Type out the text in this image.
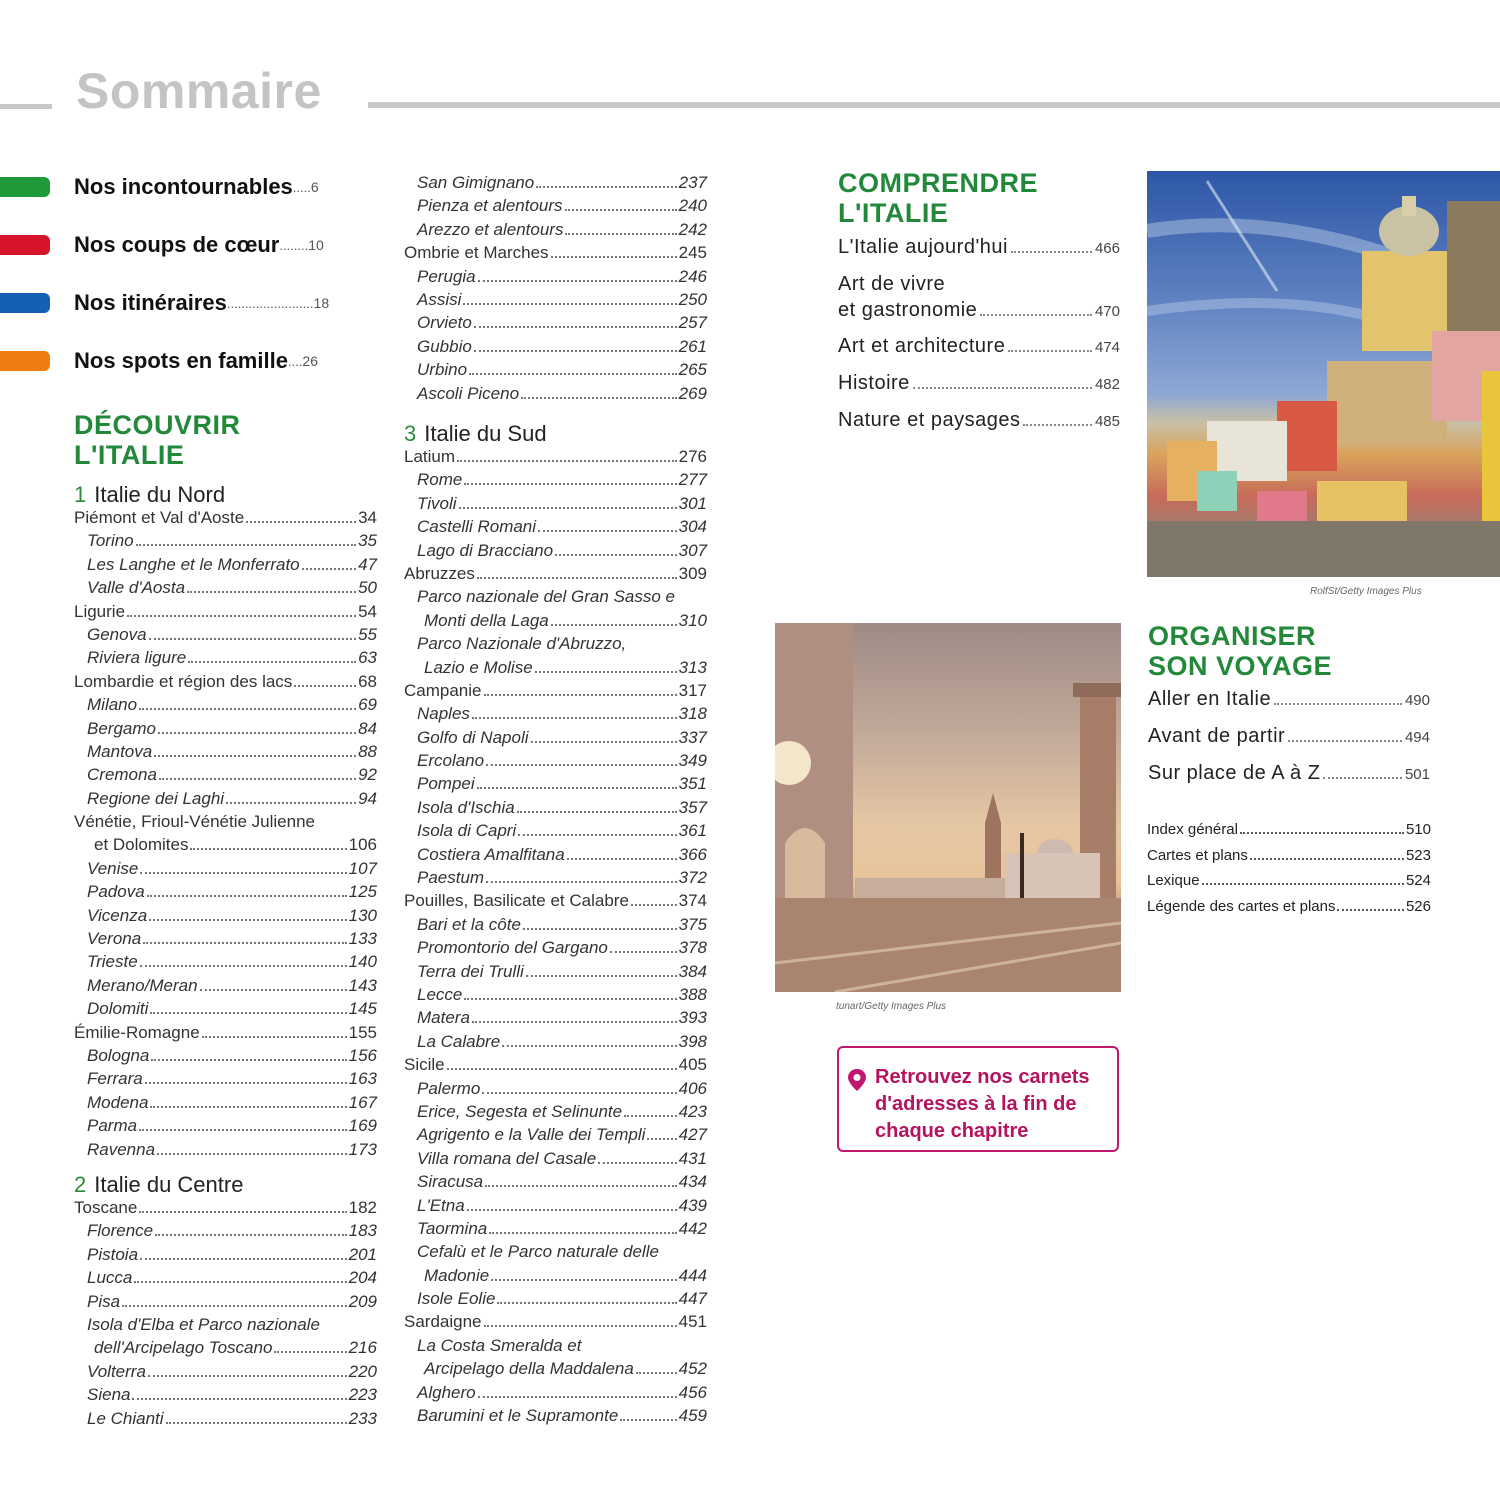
Sommaire
Nos incontournables ..... 6
Nos coups de cœur ........ 10
Nos itinéraires ........................ 18
Nos spots en famille .... 26
DÉCOUVRIR
L'ITALIE
1 Italie du Nord
Piémont et Val d'Aoste	34
Torino	35
Les Langhe et le Monferrato	47
Valle d'Aosta	50
Ligurie	54
Genova	55
Riviera ligure	63
Lombardie et région des lacs	68
Milano	69
Bergamo	84
Mantova	88
Cremona	92
Regione dei Laghi	94
Vénétie, Frioul-Vénétie Julienne
et Dolomites	106
Venise	107
Padova	125
Vicenza	130
Verona	133
Trieste	140
Merano/Meran	143
Dolomiti	145
Émilie-Romagne	155
Bologna	156
Ferrara	163
Modena	167
Parma	169
Ravenna	173
2 Italie du Centre
Toscane	182
Florence	183
Pistoia	201
Lucca	204
Pisa	209
Isola d'Elba et Parco nazionale
dell'Arcipelago Toscano	216
Volterra	220
Siena	223
Le Chianti	233
San Gimignano	237
Pienza et alentours	240
Arezzo et alentours	242
Ombrie et Marches	245
Perugia	246
Assisi	250
Orvieto	257
Gubbio	261
Urbino	265
Ascoli Piceno	269
3 Italie du Sud
Latium	276
Rome	277
Tivoli	301
Castelli Romani	304
Lago di Bracciano	307
Abruzzes	309
Parco nazionale del Gran Sasso e
Monti della Laga	310
Parco Nazionale d'Abruzzo,
Lazio e Molise	313
Campanie	317
Naples	318
Golfo di Napoli	337
Ercolano	349
Pompei	351
Isola d'Ischia	357
Isola di Capri	361
Costiera Amalfitana	366
Paestum	372
Pouilles, Basilicate et Calabre	374
Bari et la côte	375
Promontorio del Gargano	378
Terra dei Trulli	384
Lecce	388
Matera	393
La Calabre	398
Sicile	405
Palermo	406
Erice, Segesta et Selinunte	423
Agrigento e la Valle dei Templi 427
Villa romana del Casale	431
Siracusa	434
L'Etna	439
Taormina	442
Cefalù et le Parco naturale delle
Madonie	444
Isole Eolie	447
Sardaigne	451
La Costa Smeralda et
Arcipelago della Maddalena	452
Alghero	456
Barumini et le Supramonte	459
COMPRENDRE
L'ITALIE
L'Italie aujourd'hui	466
Art de vivre
et gastronomie	470
Art et architecture	474
Histoire	482
Nature et paysages	485
RolfSt/Getty Images Plus
ORGANISER
SON VOYAGE
Aller en Italie	490
Avant de partir	494
Sur place de A à Z	501
Index général	510
Cartes et plans	523
Lexique	524
Légende des cartes et plans	526
tunart/Getty Images Plus
Retrouvez nos carnets d'adresses à la fin de chaque chapitre
